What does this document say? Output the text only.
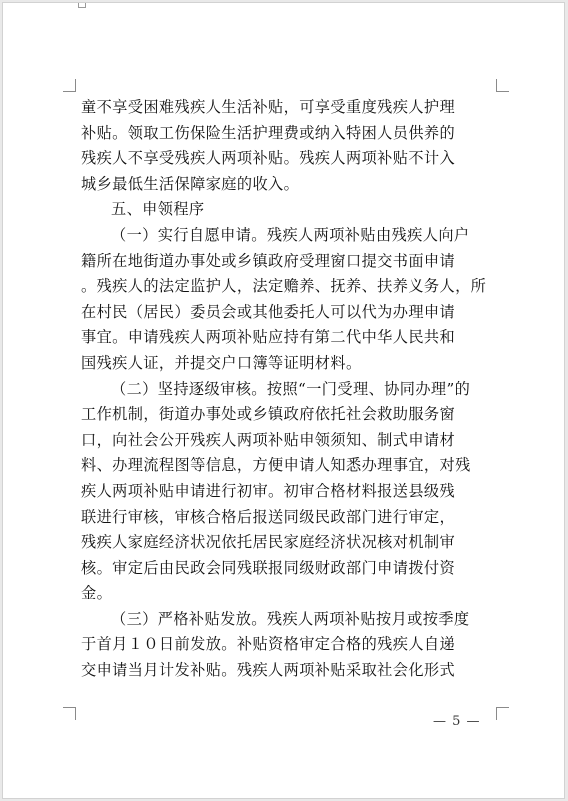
童不享受困难残疾人生活补贴，可享受重度残疾人护理
补贴。领取工伤保险生活护理费或纳入特困人员供养的
残疾人不享受残疾人两项补贴。残疾人两项补贴不计入
城乡最低生活保障家庭的收入。
五、申领程序
（一）实行自愿申请。残疾人两项补贴由残疾人向户
籍所在地街道办事处或乡镇政府受理窗口提交书面申请
。残疾人的法定监护人，法定赡养、抚养、扶养义务人，所
在村民（居民）委员会或其他委托人可以代为办理申请
事宜。申请残疾人两项补贴应持有第二代中华人民共和
国残疾人证，并提交户口簿等证明材料。
（二）坚持逐级审核。按照“一门受理、协同办理”的
工作机制，街道办事处或乡镇政府依托社会救助服务窗
口，向社会公开残疾人两项补贴申领须知、制式申请材
料、办理流程图等信息，方便申请人知悉办理事宜，对残
疾人两项补贴申请进行初审。初审合格材料报送县级残
联进行审核，审核合格后报送同级民政部门进行审定，
残疾人家庭经济状况依托居民家庭经济状况核对机制审
核。审定后由民政会同残联报同级财政部门申请拨付资
金。
（三）严格补贴发放。残疾人两项补贴按月或按季度
于首月１０日前发放。补贴资格审定合格的残疾人自递
交申请当月计发补贴。残疾人两项补贴采取社会化形式
— 5 —
